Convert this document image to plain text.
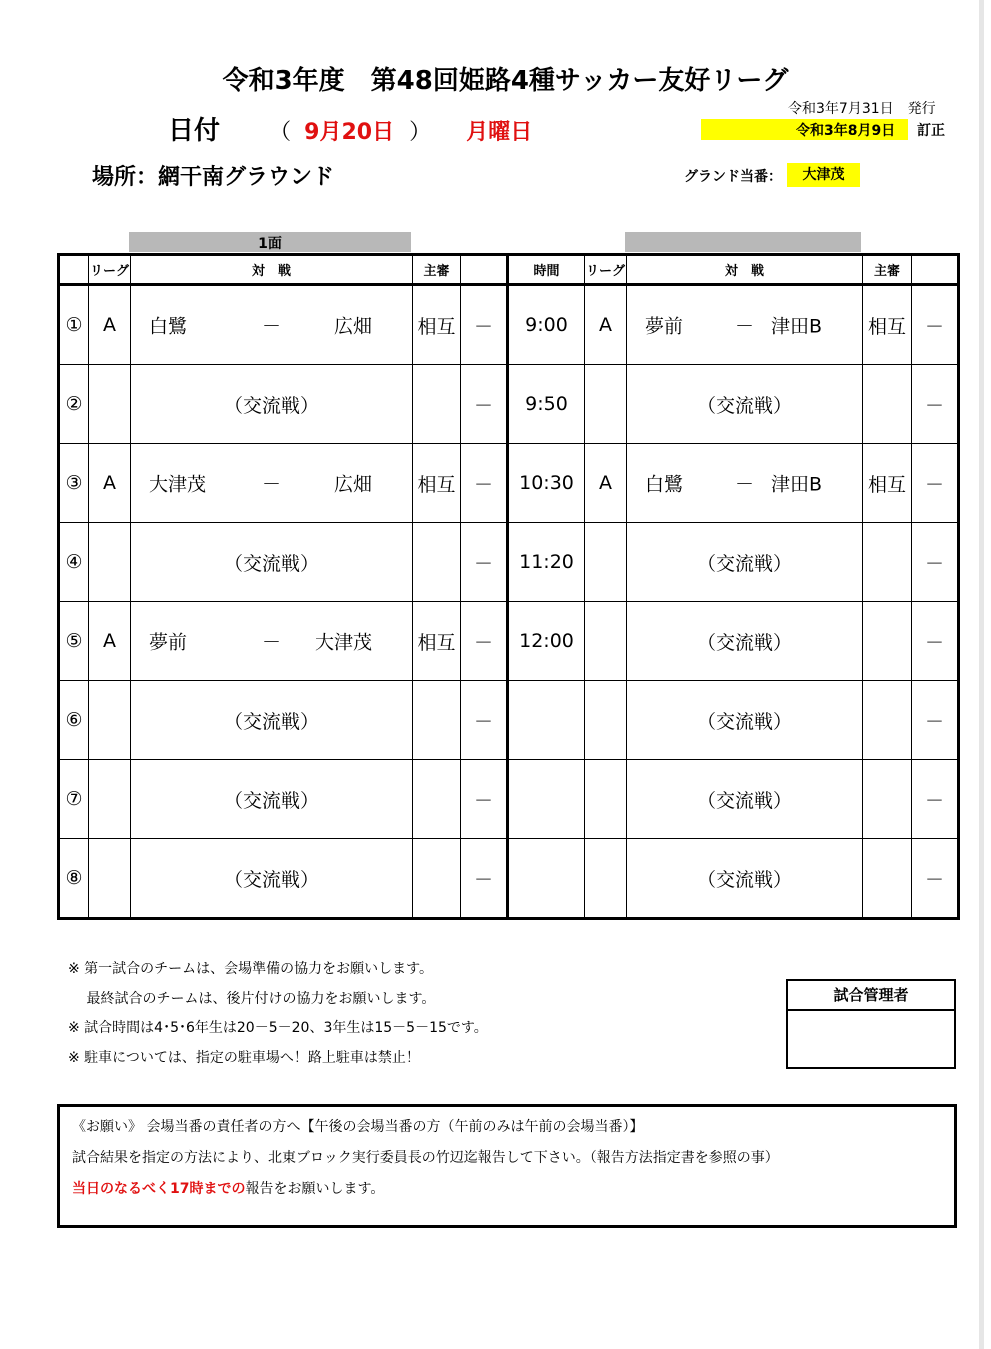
令和3年度　第48回姫路4種サッカー友好リーグ
日付 （ 9月20日 ） 月曜日
令和3年7月31日　発行
令和3年8月9日 訂正
場所：網干南グラウンド	グランド当番：	大津茂
1面
	リーグ	対　戦	主審		時間	リーグ	対　戦	主審	
①	A	白鷺 － 広畑	相互	－	9:00	A	夢前 － 津田B	相互	－
②		（交流戦）		－	9:50		（交流戦）		－
③	A	大津茂 － 広畑	相互	－	10:30	A	白鷺 － 津田B	相互	－
④		（交流戦）		－	11:20		（交流戦）		－
⑤	A	夢前 － 大津茂	相互	－	12:00		（交流戦）		－
⑥		（交流戦）		－			（交流戦）		－
⑦		（交流戦）		－			（交流戦）		－
⑧		（交流戦）		－			（交流戦）		－
※ 第一試合のチームは、会場準備の協力をお願いします。
　 最終試合のチームは、後片付けの協力をお願いします。
※ 試合時間は4･5･6年生は20－5－20、3年生は15－5－15です。
※ 駐車については、指定の駐車場へ！路上駐車は禁止！
試合管理者
《お願い》 会場当番の責任者の方へ【午後の会場当番の方（午前のみは午前の会場当番）】
試合結果を指定の方法により、北東ブロック実行委員長の竹辺迄報告して下さい。（報告方法指定書を参照の事）
当日のなるべく17時までの報告をお願いします。
